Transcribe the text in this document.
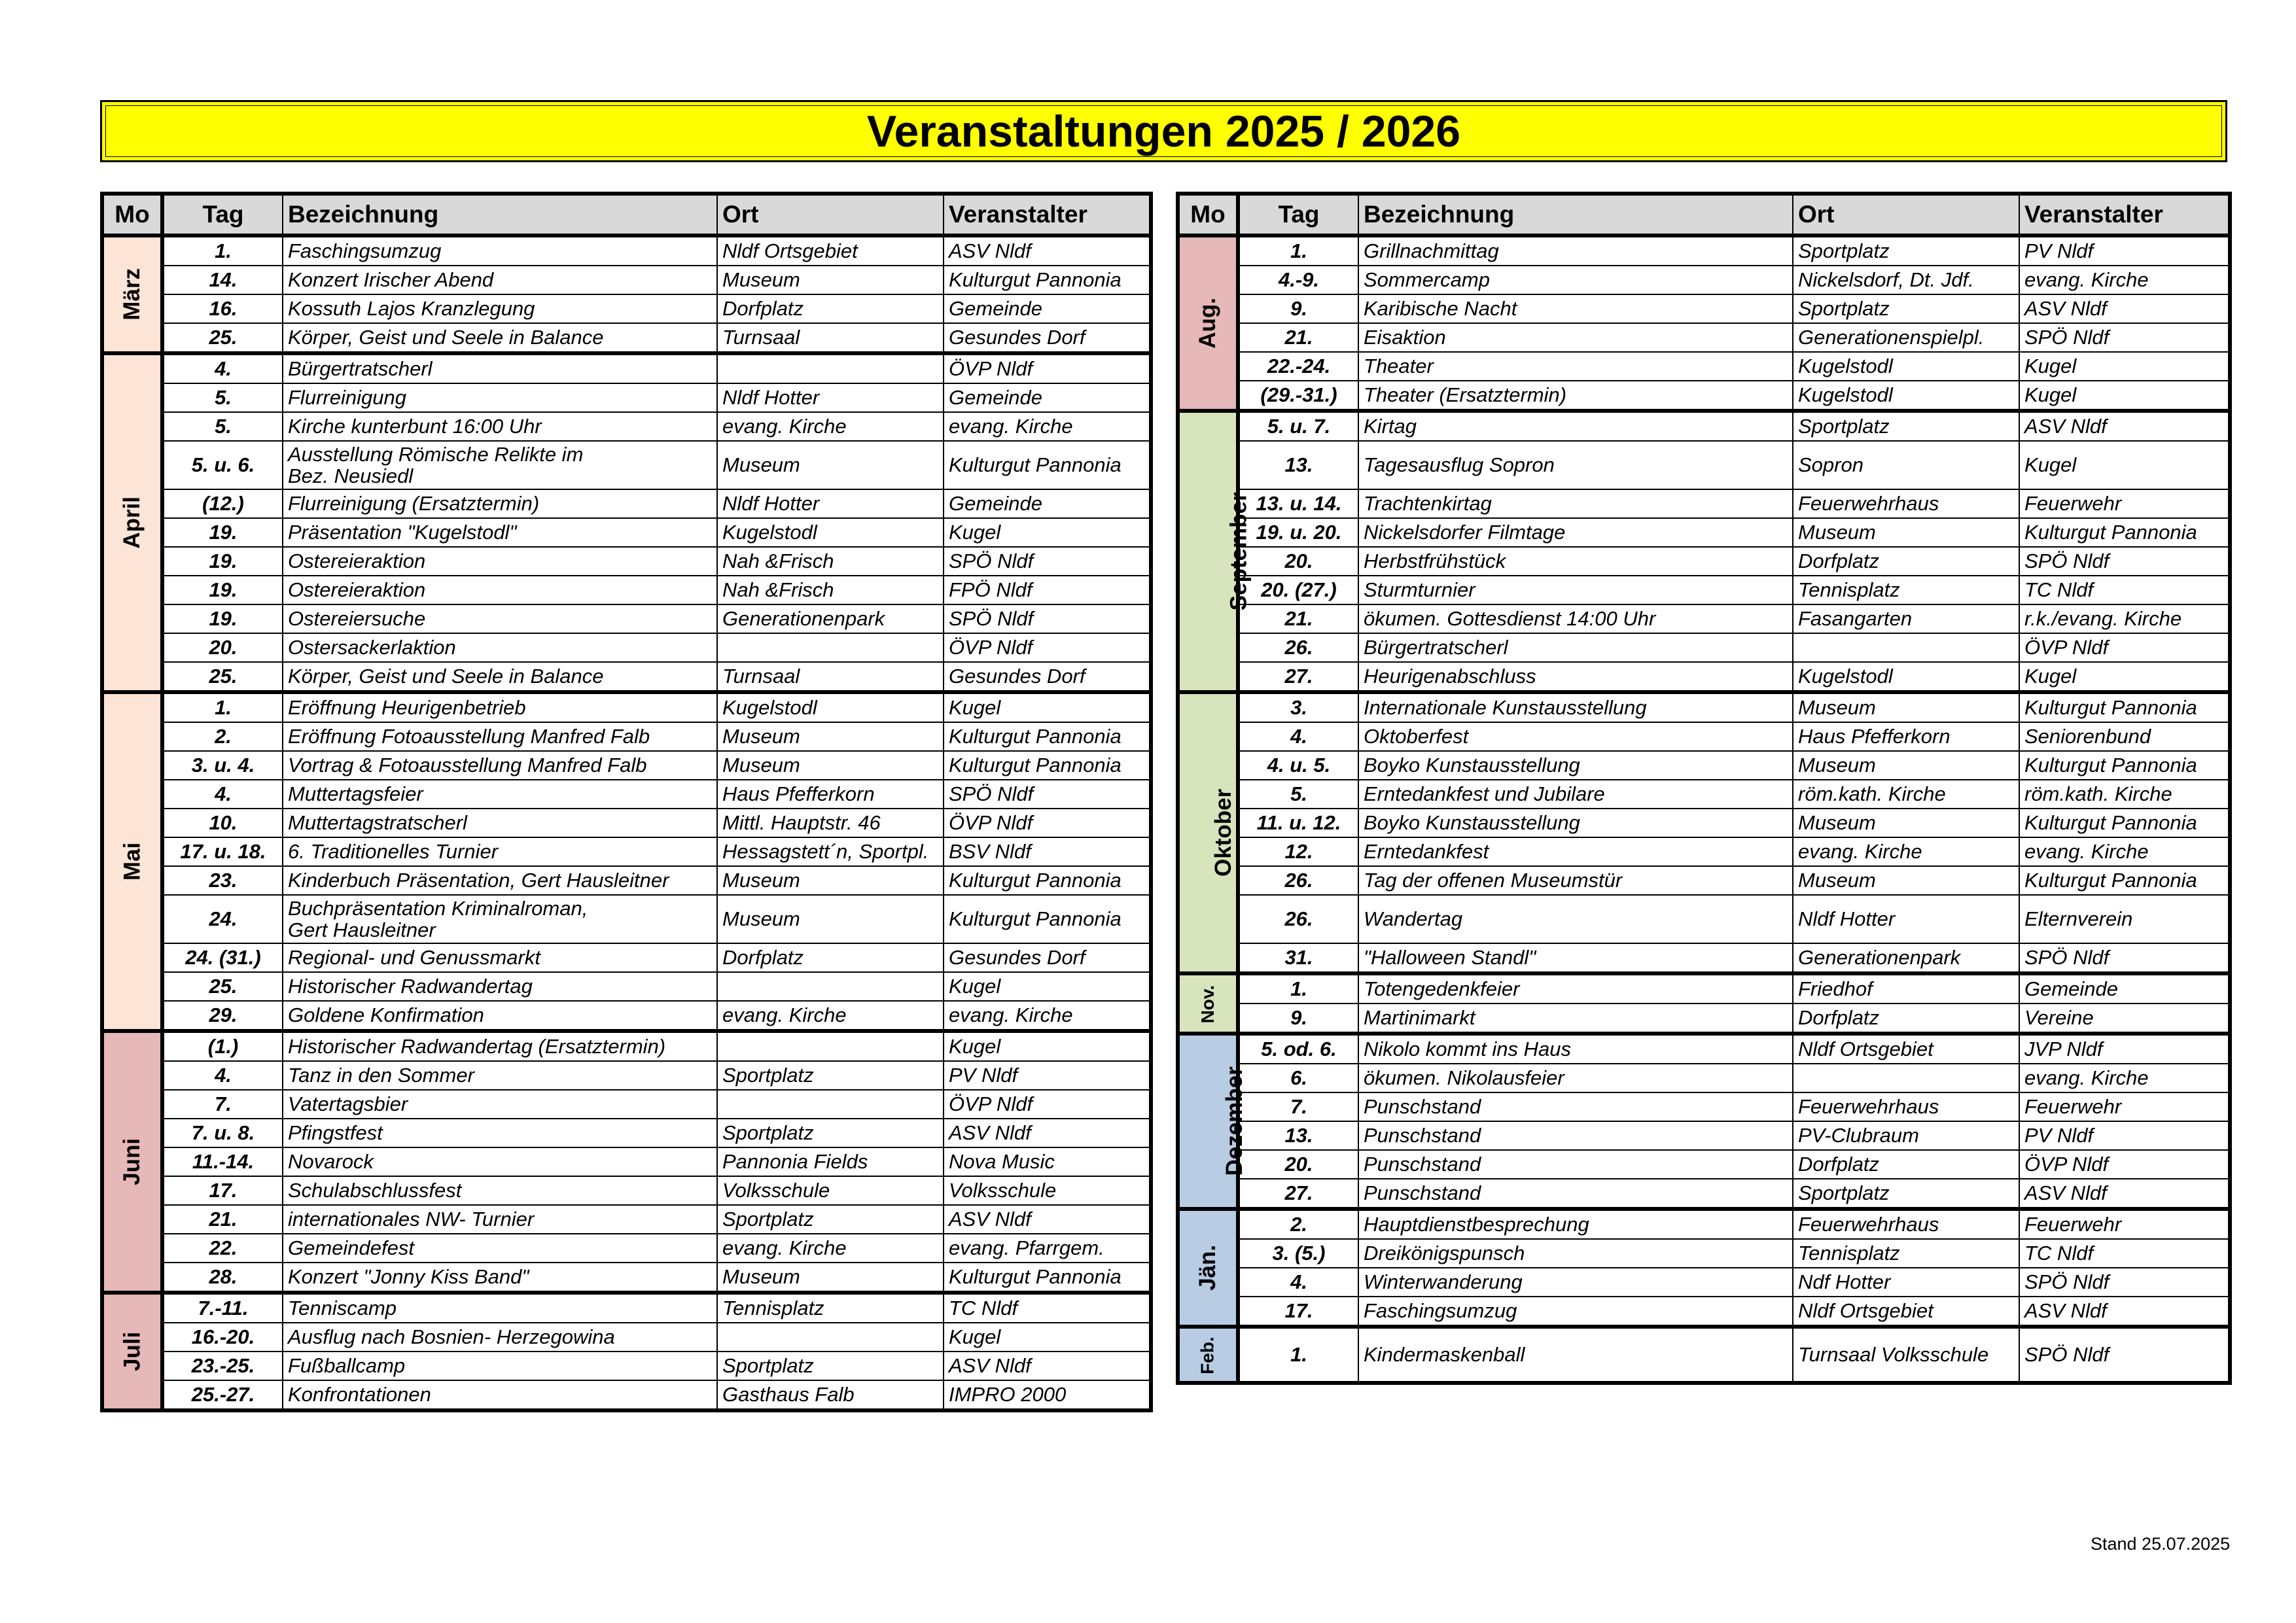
Veranstaltungen 2025 / 2026
Mo	Tag	Bezeichnung	Ort	Veranstalter
März	1.	Faschingsumzug	Nldf Ortsgebiet	ASV Nldf
	14.	Konzert Irischer Abend	Museum	Kulturgut Pannonia
	16.	Kossuth Lajos Kranzlegung	Dorfplatz	Gemeinde
	25.	Körper, Geist und Seele in Balance	Turnsaal	Gesundes Dorf
April	4.	Bürgertratscherl		ÖVP Nldf
	5.	Flurreinigung	Nldf Hotter	Gemeinde
	5.	Kirche kunterbunt 16:00 Uhr	evang. Kirche	evang. Kirche
	5. u. 6.	Ausstellung Römische Relikte im
Bez. Neusiedl	Museum	Kulturgut Pannonia
	(12.)	Flurreinigung (Ersatztermin)	Nldf Hotter	Gemeinde
	19.	Präsentation "Kugelstodl"	Kugelstodl	Kugel
	19.	Ostereieraktion	Nah &Frisch	SPÖ Nldf
	19.	Ostereieraktion	Nah &Frisch	FPÖ Nldf
	19.	Ostereiersuche	Generationenpark	SPÖ Nldf
	20.	Ostersackerlaktion		ÖVP Nldf
	25.	Körper, Geist und Seele in Balance	Turnsaal	Gesundes Dorf
Mai	1.	Eröffnung Heurigenbetrieb	Kugelstodl	Kugel
	2.	Eröffnung Fotoausstellung Manfred Falb	Museum	Kulturgut Pannonia
	3. u. 4.	Vortrag & Fotoausstellung Manfred Falb	Museum	Kulturgut Pannonia
	4.	Muttertagsfeier	Haus Pfefferkorn	SPÖ Nldf
	10.	Muttertagstratscherl	Mittl. Hauptstr. 46	ÖVP Nldf
	17. u. 18.	6. Traditionelles Turnier	Hessagstett´n, Sportpl.	BSV Nldf
	23.	Kinderbuch Präsentation, Gert Hausleitner	Museum	Kulturgut Pannonia
	24.	Buchpräsentation Kriminalroman,
Gert Hausleitner	Museum	Kulturgut Pannonia
	24. (31.)	Regional- und Genussmarkt	Dorfplatz	Gesundes Dorf
	25.	Historischer Radwandertag		Kugel
	29.	Goldene Konfirmation	evang. Kirche	evang. Kirche
Juni	(1.)	Historischer Radwandertag (Ersatztermin)		Kugel
	4.	Tanz in den Sommer	Sportplatz	PV Nldf
	7.	Vatertagsbier		ÖVP Nldf
	7. u. 8.	Pfingstfest	Sportplatz	ASV Nldf
	11.-14.	Novarock	Pannonia Fields	Nova Music
	17.	Schulabschlussfest	Volksschule	Volksschule
	21.	internationales NW- Turnier	Sportplatz	ASV Nldf
	22.	Gemeindefest	evang. Kirche	evang. Pfarrgem.
	28.	Konzert "Jonny Kiss Band"	Museum	Kulturgut Pannonia
Juli	7.-11.	Tenniscamp	Tennisplatz	TC Nldf
	16.-20.	Ausflug nach Bosnien- Herzegowina		Kugel
	23.-25.	Fußballcamp	Sportplatz	ASV Nldf
	25.-27.	Konfrontationen	Gasthaus Falb	IMPRO 2000
Mo	Tag	Bezeichnung	Ort	Veranstalter
Aug.	1.	Grillnachmittag	Sportplatz	PV Nldf
	4.-9.	Sommercamp	Nickelsdorf, Dt. Jdf.	evang. Kirche
	9.	Karibische Nacht	Sportplatz	ASV Nldf
	21.	Eisaktion	Generationenspielpl.	SPÖ Nldf
	22.-24.	Theater	Kugelstodl	Kugel
	(29.-31.)	Theater (Ersatztermin)	Kugelstodl	Kugel
September	5. u. 7.	Kirtag	Sportplatz	ASV Nldf
	13.	Tagesausflug Sopron	Sopron	Kugel
	13. u. 14.	Trachtenkirtag	Feuerwehrhaus	Feuerwehr
	19. u. 20.	Nickelsdorfer Filmtage	Museum	Kulturgut Pannonia
	20.	Herbstfrühstück	Dorfplatz	SPÖ Nldf
	20. (27.)	Sturmturnier	Tennisplatz	TC Nldf
	21.	ökumen. Gottesdienst 14:00 Uhr	Fasangarten	r.k./evang. Kirche
	26.	Bürgertratscherl		ÖVP Nldf
	27.	Heurigenabschluss	Kugelstodl	Kugel
Oktober	3.	Internationale Kunstausstellung	Museum	Kulturgut Pannonia
	4.	Oktoberfest	Haus Pfefferkorn	Seniorenbund
	4. u. 5.	Boyko Kunstausstellung	Museum	Kulturgut Pannonia
	5.	Erntedankfest und Jubilare	röm.kath. Kirche	röm.kath. Kirche
	11. u. 12.	Boyko Kunstausstellung	Museum	Kulturgut Pannonia
	12.	Erntedankfest	evang. Kirche	evang. Kirche
	26.	Tag der offenen Museumstür	Museum	Kulturgut Pannonia
	26.	Wandertag	Nldf Hotter	Elternverein
	31.	"Halloween Standl"	Generationenpark	SPÖ Nldf
Nov.	1.	Totengedenkfeier	Friedhof	Gemeinde
	9.	Martinimarkt	Dorfplatz	Vereine
Dezember	5. od. 6.	Nikolo kommt ins Haus	Nldf Ortsgebiet	JVP Nldf
	6.	ökumen. Nikolausfeier		evang. Kirche
	7.	Punschstand	Feuerwehrhaus	Feuerwehr
	13.	Punschstand	PV-Clubraum	PV Nldf
	20.	Punschstand	Dorfplatz	ÖVP Nldf
	27.	Punschstand	Sportplatz	ASV Nldf
Jän.	2.	Hauptdienstbesprechung	Feuerwehrhaus	Feuerwehr
	3. (5.)	Dreikönigspunsch	Tennisplatz	TC Nldf
	4.	Winterwanderung	Ndf Hotter	SPÖ Nldf
	17.	Faschingsumzug	Nldf Ortsgebiet	ASV Nldf
Feb.	1.	Kindermaskenball	Turnsaal Volksschule	SPÖ Nldf
Stand 25.07.2025
